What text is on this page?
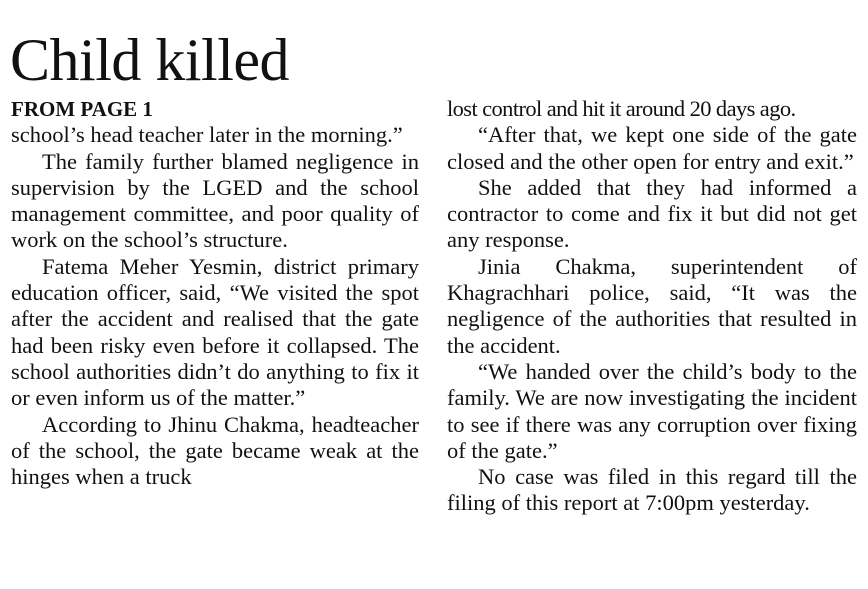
Child killed

FROM PAGE 1

school’s head teacher later in the morning.”

The family further blamed negligence in supervision by the LGED and the school management committee, and poor quality of work on the school’s structure.

Fatema Meher Yesmin, district primary education officer, said, “We visited the spot after the accident and realised that the gate had been risky even before it collapsed. The school authorities didn’t do anything to fix it or even inform us of the matter.”

According to Jhinu Chakma, headteacher of the school, the gate became weak at the hinges when a truck

lost control and hit it around 20 days ago.

“After that, we kept one side of the gate closed and the other open for entry and exit.”

She added that they had informed a contractor to come and fix it but did not get any response.

Jinia Chakma, superintendent of Khagrachhari police, said, “It was the negligence of the authorities that resulted in the accident.

“We handed over the child’s body to the family. We are now investigating the incident to see if there was any corruption over fixing of the gate.”

No case was filed in this regard till the filing of this report at 7:00pm yesterday.
